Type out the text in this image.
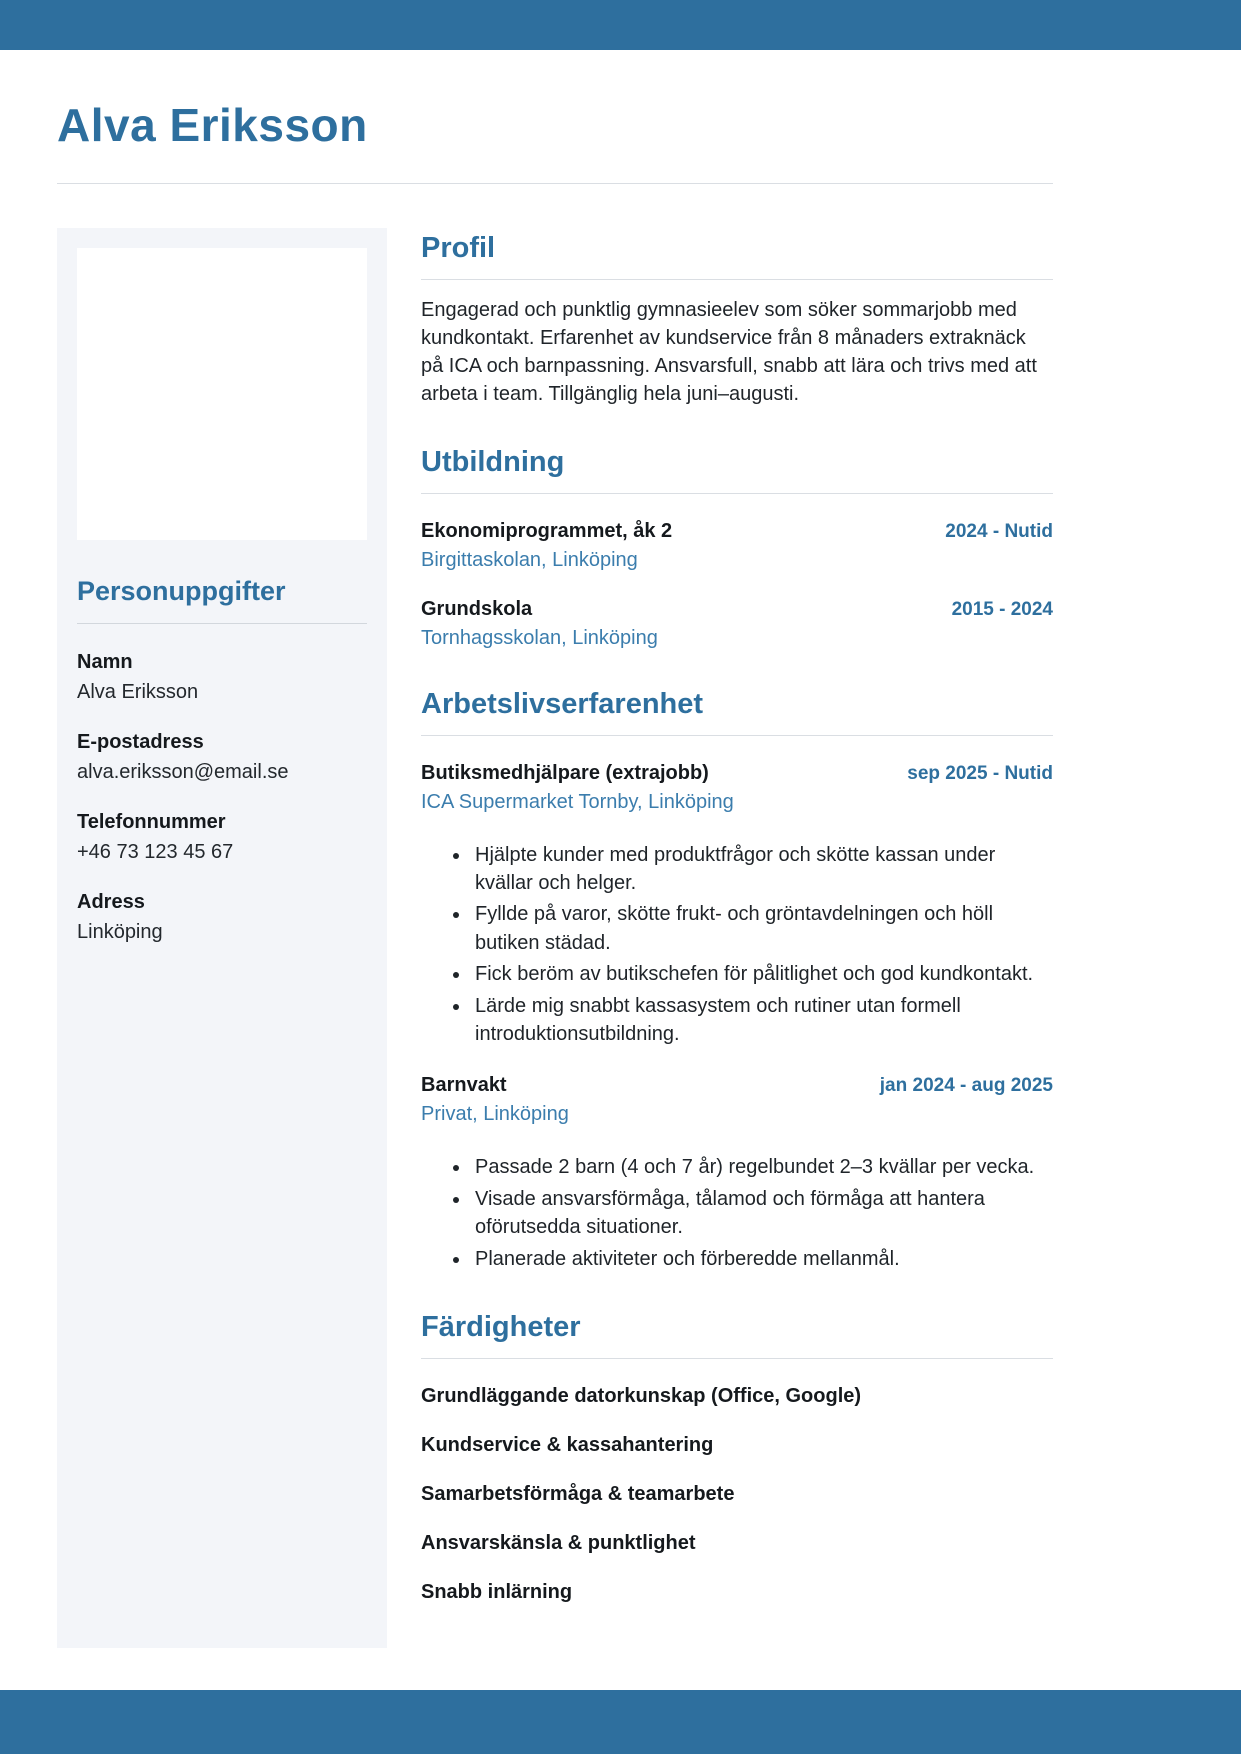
Alva Eriksson
Personuppgifter
Namn
Alva Eriksson
E-postadress
alva.eriksson@email.se
Telefonnummer
+46 73 123 45 67
Adress
Linköping
Profil

Engagerad och punktlig gymnasieelev som söker sommarjobb med kundkontakt. Erfarenhet av kundservice från 8 månaders extraknäck på ICA och barnpassning. Ansvarsfull, snabb att lära och trivs med att arbeta i team. Tillgänglig hela juni–augusti.

Utbildning
Ekonomiprogrammet, åk 2	2024 - Nutid
Birgittaskolan, Linköping
Grundskola	2015 - 2024
Tornhagsskolan, Linköping
Arbetslivserfarenhet
Butiksmedhjälpare (extrajobb)	sep 2025 - Nutid
ICA Supermarket Tornby, Linköping
• Hjälpte kunder med produktfrågor och skötte kassan under kvällar och helger.
• Fyllde på varor, skötte frukt- och gröntavdelningen och höll butiken städad.
• Fick beröm av butikschefen för pålitlighet och god kundkontakt.
• Lärde mig snabbt kassasystem och rutiner utan formell introduktionsutbildning.
Barnvakt	jan 2024 - aug 2025
Privat, Linköping
• Passade 2 barn (4 och 7 år) regelbundet 2–3 kvällar per vecka.
• Visade ansvarsförmåga, tålamod och förmåga att hantera oförutsedda situationer.
• Planerade aktiviteter och förberedde mellanmål.
Färdigheter
Grundläggande datorkunskap (Office, Google)
Kundservice & kassahantering
Samarbetsförmåga & teamarbete
Ansvarskänsla & punktlighet
Snabb inlärning
